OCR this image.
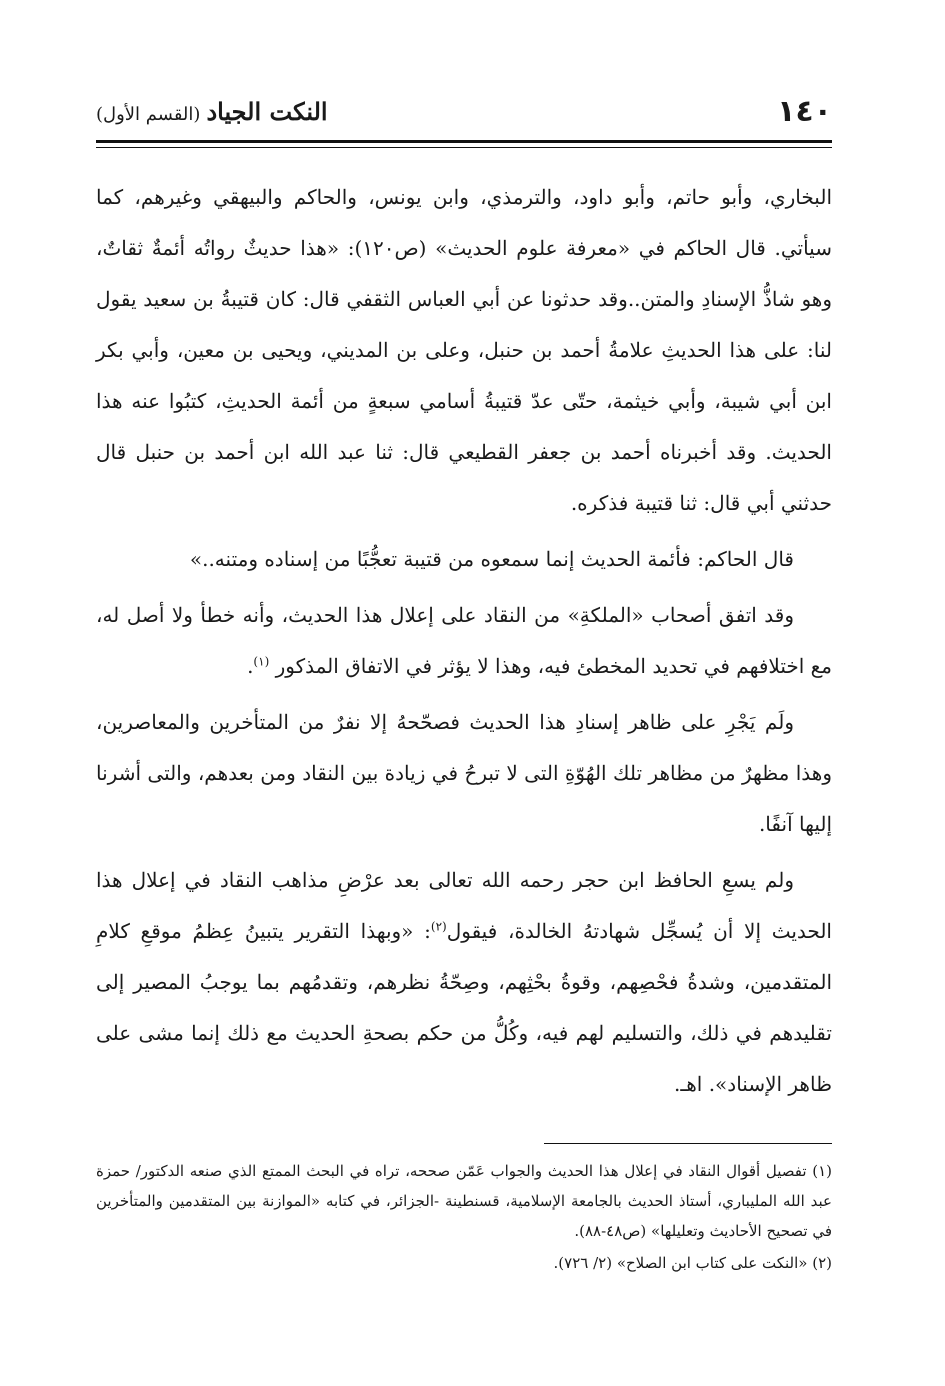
١٤٠
النكت الجياد(القسم الأول)

البخاري، وأبو حاتم، وأبو داود، والترمذي، وابن يونس، والحاكم والبيهقي وغيرهم، كما سيأتي. قال الحاكم في «معرفة علوم الحديث» (ص١٢٠): «هذا حديثٌ رواتُه أئمةٌ ثقاتٌ، وهو شاذُّ الإسنادِ والمتن..وقد حدثونا عن أبي العباس الثقفي قال: كان قتيبةُ بن سعيد يقول لنا: على هذا الحديثِ علامةُ أحمد بن حنبل، وعلى بن المديني، ويحيى بن معين، وأبي بكر ابن أبي شيبة، وأبي خيثمة، حتّى عدّ قتيبةُ أسامي سبعةٍ من أئمة الحديثِ، كتبُوا عنه هذا الحديث. وقد أخبرناه أحمد بن جعفر القطيعي قال: ثنا عبد الله ابن أحمد بن حنبل قال حدثني أبي قال: ثنا قتيبة فذكره.

قال الحاكم: فأئمة الحديث إنما سمعوه من قتيبة تعجُّبًا من إسناده ومتنه..»

وقد اتفق أصحاب «الملكةِ» من النقاد على إعلال هذا الحديث، وأنه خطأ ولا أصل له، مع اختلافهم في تحديد المخطئ فيه، وهذا لا يؤثر في الاتفاق المذكور $^{(١)}$.

ولَم يَجْرِ على ظاهر إسنادِ هذا الحديث فصحّحهُ إلا نفرٌ من المتأخرين والمعاصرين، وهذا مظهرٌ من مظاهر تلك الهُوّةِ التى لا تبرحُ في زيادة بين النقاد ومن بعدهم، والتى أشرنا إليها آنفًا.

ولم يسعِ الحافظ ابن حجر رحمه الله تعالى بعد عرْضِ مذاهب النقاد في إعلال هذا الحديث إلا أن يُسجِّل شهادتهُ الخالدة، فيقول$^{(٢)}$: «وبهذا التقرير يتبينُ عِظمُ موقعِ كلامِ المتقدمين، وشدةُ فحْصِهم، وقوةُ بحْثِهم، وصِحّةُ نظرهم، وتقدمُهم بما يوجبُ المصير إلى تقليدهم في ذلك، والتسليم لهم فيه، وكُلُّ من حكم بصحةِ الحديث مع ذلك إنما مشى على ظاهر الإسناد». اهـ.

(١) تفصيل أقوال النقاد في إعلال هذا الحديث والجواب عَمّن صححه، تراه في البحث الممتع الذي صنعه الدكتور/ حمزة عبد الله المليباري، أستاذ الحديث بالجامعة الإسلامية، قسنطينة -الجزائر، في كتابه «الموازنة بين المتقدمين والمتأخرين في تصحيح الأحاديث وتعليلها» (ص٤٨-٨٨).

(٢) «النكت على كتاب ابن الصلاح» (٢/ ٧٢٦).
